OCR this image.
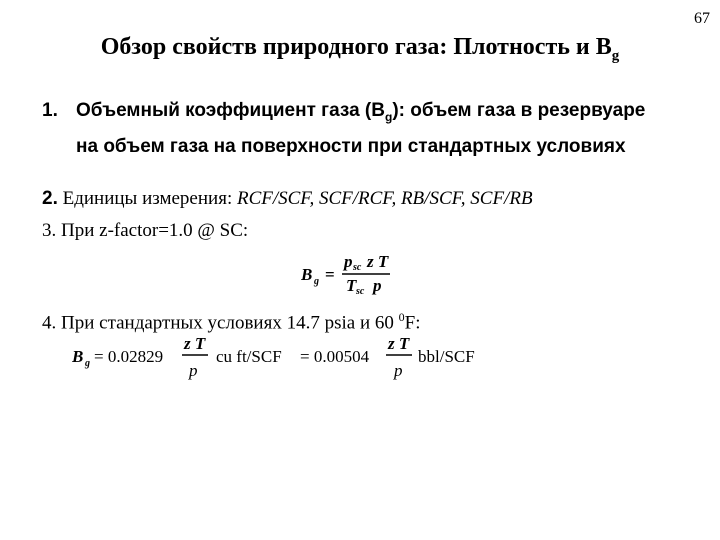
67
Обзор свойств природного газа: Плотность и $B_g$
1. Объемный коэффициент газа $(B_g)$: объем газа в резервуаре на объем газа на поверхности при стандартных условиях
2. Единицы измерения: RCF/SCF, SCF/RCF, RB/SCF, SCF/RB
3. При z-factor=1.0 @ SC:
B g =
p sc z T
T sc p
4. При стандартных условиях 14.7 psia и 60 $^0$F:
B g = 0.02829
z T
p
cu ft/SCF = 0.00504
z T
p
bbl/SCF
